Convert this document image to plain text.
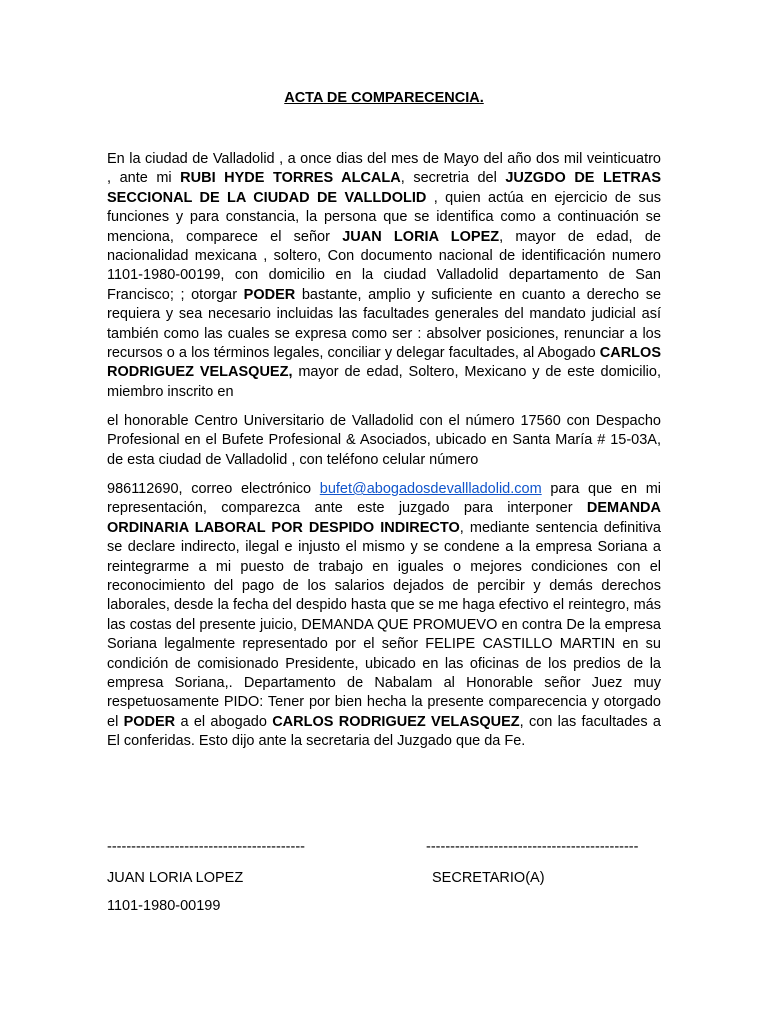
ACTA DE COMPARECENCIA.
En la ciudad de Valladolid , a once dias del mes de Mayo del año dos mil veinticuatro , ante mi RUBI HYDE TORRES ALCALA, secretria del JUZGDO DE LETRAS SECCIONAL DE LA CIUDAD DE VALLDOLID , quien actúa en ejercicio de sus funciones y para constancia, la persona que se identifica como a continuación se menciona, comparece el señor JUAN LORIA LOPEZ, mayor de edad, de nacionalidad mexicana , soltero, Con documento nacional de identificación numero 1101-1980-00199, con domicilio en la ciudad Valladolid departamento de San Francisco; ; otorgar PODER bastante, amplio y suficiente en cuanto a derecho se requiera y sea necesario incluidas las facultades generales del mandato judicial así también como las cuales se expresa como ser : absolver posiciones, renunciar a los recursos o a los términos legales, conciliar y delegar facultades, al Abogado CARLOS RODRIGUEZ VELASQUEZ, mayor de edad, Soltero, Mexicano y de este domicilio, miembro inscrito en
el honorable Centro Universitario de Valladolid con el número 17560 con Despacho Profesional en el Bufete Profesional & Asociados, ubicado en Santa María # 15-03A, de esta ciudad de Valladolid , con teléfono celular número
986112690, correo electrónico bufet@abogadosdevallladolid.com para que en mi representación, comparezca ante este juzgado para interponer DEMANDA ORDINARIA LABORAL POR DESPIDO INDIRECTO, mediante sentencia definitiva se declare indirecto, ilegal e injusto el mismo y se condene a la empresa Soriana a reintegrarme a mi puesto de trabajo en iguales o mejores condiciones con el reconocimiento del pago de los salarios dejados de percibir y demás derechos laborales, desde la fecha del despido hasta que se me haga efectivo el reintegro, más las costas del presente juicio, DEMANDA QUE PROMUEVO en contra De la empresa Soriana legalmente representado por el señor FELIPE CASTILLO MARTIN en su condición de comisionado Presidente, ubicado en las oficinas de los predios de la empresa Soriana,. Departamento de Nabalam al Honorable señor Juez muy respetuosamente PIDO: Tener por bien hecha la presente comparecencia y otorgado el PODER a el abogado CARLOS RODRIGUEZ VELASQUEZ, con las facultades a El conferidas. Esto dijo ante la secretaria del Juzgado que da Fe.
-----------------------------------------	--------------------------------------------
JUAN LORIA LOPEZ	SECRETARIO(A)
1101-1980-00199
